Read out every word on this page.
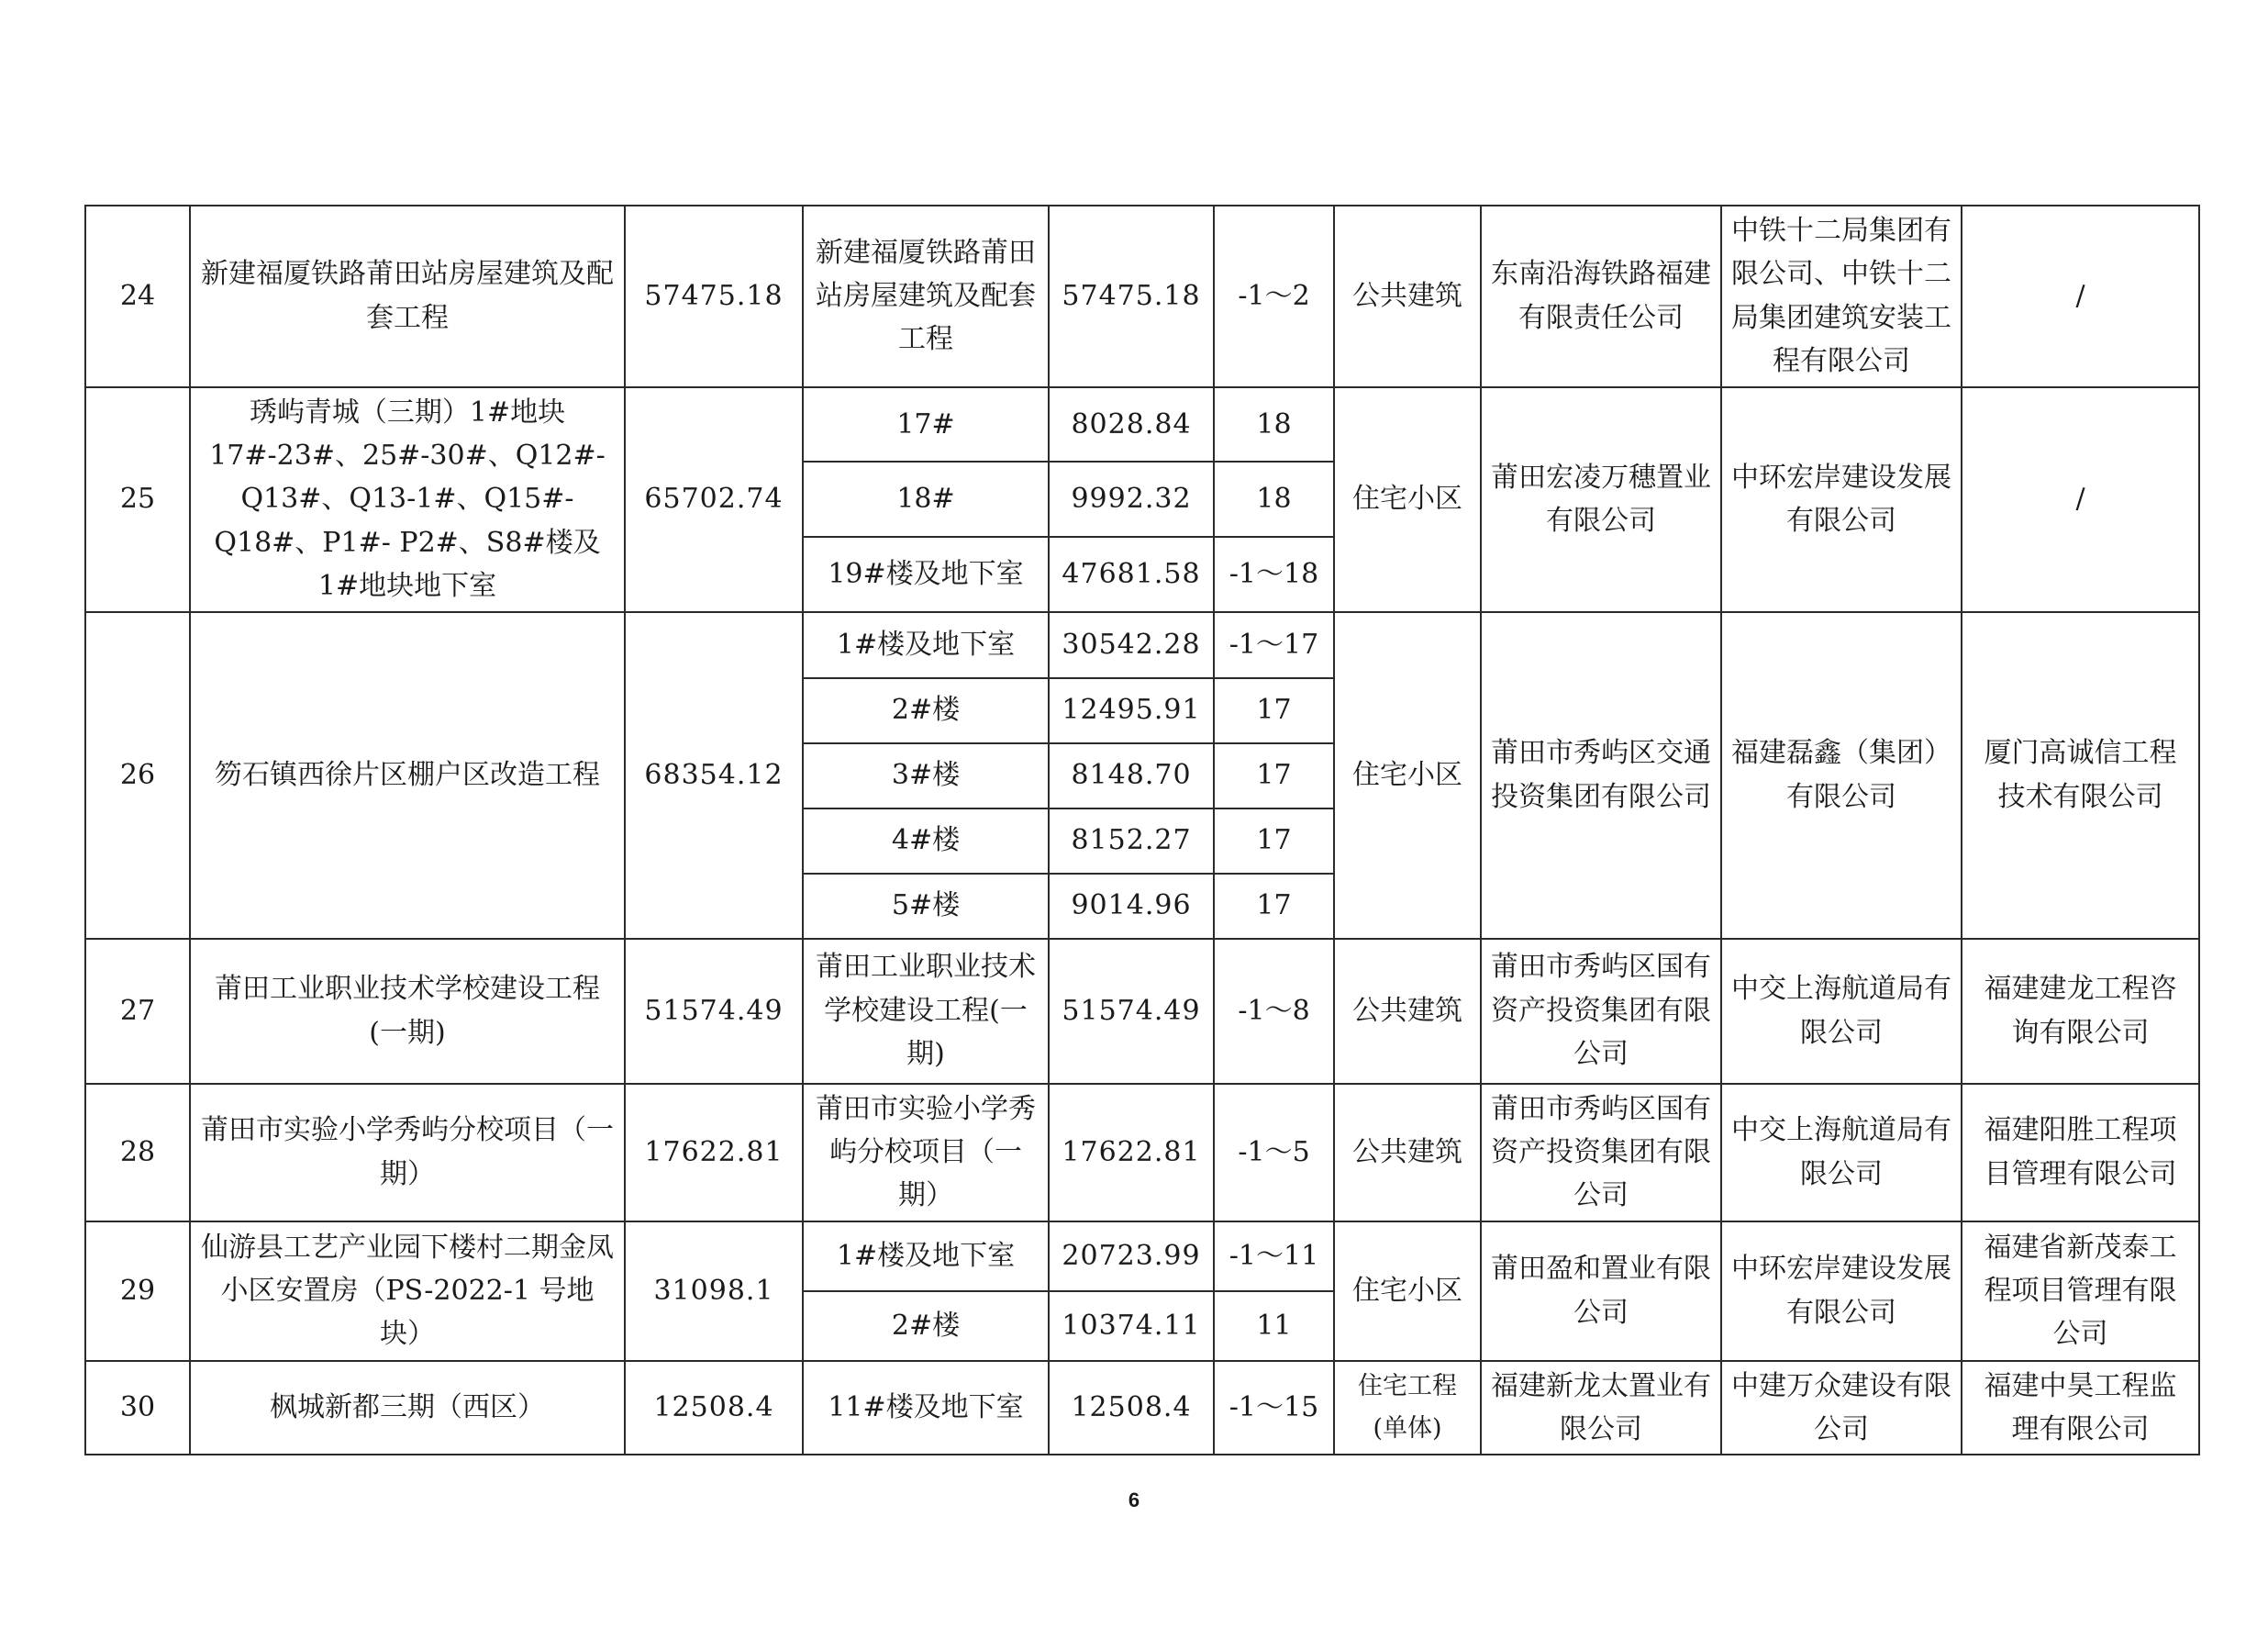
24	新建福厦铁路莆田站房屋建筑及配套工程	57475.18	新建福厦铁路莆田站房屋建筑及配套工程	57475.18	-1～2	公共建筑	东南沿海铁路福建有限责任公司	中铁十二局集团有限公司、中铁十二局集团建筑安装工程有限公司	/
25	琇屿青城（三期）1#地块17#-23#、25#-30#、Q12#-Q13#、Q13-1#、Q15#-Q18#、P1#- P2#、S8#楼及 1#地块地下室	65702.74	17#	8028.84	18	住宅小区	莆田宏凌万穗置业有限公司	中环宏岸建设发展有限公司	/
			18#	9992.32	18				
			19#楼及地下室	47681.58	-1～18				
26	笏石镇西徐片区棚户区改造工程	68354.12	1#楼及地下室	30542.28	-1～17	住宅小区	莆田市秀屿区交通投资集团有限公司	福建磊鑫（集团）有限公司	厦门高诚信工程技术有限公司
			2#楼	12495.91	17				
			3#楼	8148.70	17				
			4#楼	8152.27	17				
			5#楼	9014.96	17				
27	莆田工业职业技术学校建设工程(一期)	51574.49	莆田工业职业技术学校建设工程(一期)	51574.49	-1～8	公共建筑	莆田市秀屿区国有资产投资集团有限公司	中交上海航道局有限公司	福建建龙工程咨询有限公司
28	莆田市实验小学秀屿分校项目（一期）	17622.81	莆田市实验小学秀屿分校项目（一期）	17622.81	-1～5	公共建筑	莆田市秀屿区国有资产投资集团有限公司	中交上海航道局有限公司	福建阳胜工程项目管理有限公司
29	仙游县工艺产业园下楼村二期金凤小区安置房（PS-2022-1 号地块）	31098.1	1#楼及地下室	20723.99	-1～11	住宅小区	莆田盈和置业有限公司	中环宏岸建设发展有限公司	福建省新茂泰工程项目管理有限公司
			2#楼	10374.11	11				
30	枫城新都三期（西区）	12508.4	11#楼及地下室	12508.4	-1～15	住宅工程(单体)	福建新龙太置业有限公司	中建万众建设有限公司	福建中昊工程监理有限公司
6
